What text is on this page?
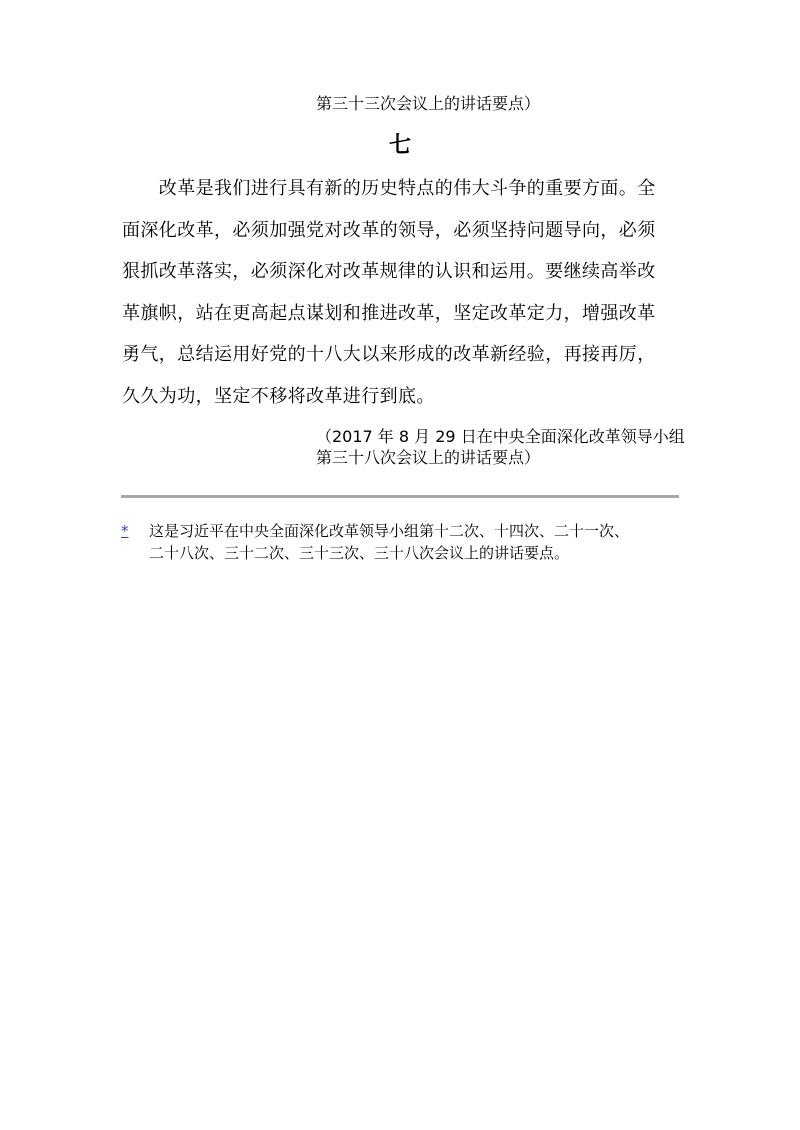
第三十三次会议上的讲话要点）
七

　　改革是我们进行具有新的历史特点的伟大斗争的重要方面。全
面深化改革，必须加强党对改革的领导，必须坚持问题导向，必须
狠抓改革落实，必须深化对改革规律的认识和运用。要继续高举改
革旗帜，站在更高起点谋划和推进改革，坚定改革定力，增强改革
勇气，总结运用好党的十八大以来形成的改革新经验，再接再厉，
久久为功，坚定不移将改革进行到底。

（2017 年 8 月 29 日在中央全面深化改革领导小组
第三十八次会议上的讲话要点）
* 这是习近平在中央全面深化改革领导小组第十二次、十四次、二十一次、
二十八次、三十二次、三十三次、三十八次会议上的讲话要点。
